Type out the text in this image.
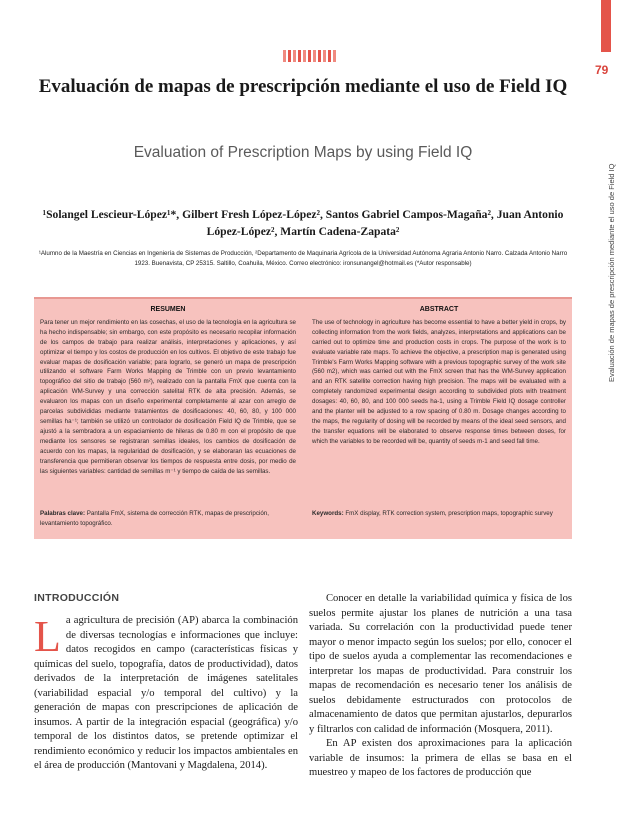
79
Evaluación de mapas de prescripción mediante el uso de Field IQ
Evaluación de mapas de prescripción mediante el uso de Field IQ
Evaluation of Prescription Maps by using Field IQ
¹Solangel Lescieur-López¹*, Gilbert Fresh López-López², Santos Gabriel Campos-Magaña², Juan Antonio López-López², Martín Cadena-Zapata²
¹Alumno de la Maestría en Ciencias en Ingeniería de Sistemas de Producción, ²Departamento de Maquinaria Agrícola de la Universidad Autónoma Agraria Antonio Narro. Calzada Antonio Narro 1923. Buenavista, CP 25315. Saltillo, Coahuila, México. Correo electrónico: ironsunangel@hotmail.es (*Autor responsable)
RESUMEN
Para tener un mejor rendimiento en las cosechas, el uso de la tecnología en la agricultura se ha hecho indispensable; sin embargo, con este propósito es necesario recopilar información de los campos de trabajo para realizar análisis, interpretaciones y aplicaciones, y así optimizar el tiempo y los costos de producción en los cultivos. El objetivo de este trabajo fue evaluar mapas de dosificación variable; para lograrlo, se generó un mapa de prescripción utilizando el software Farm Works Mapping de Trimble con un previo levantamiento topográfico del sitio de trabajo (560 m²), realizado con la pantalla FmX que cuenta con la aplicación WM-Survey y una corrección satelital RTK de alta precisión. Además, se evaluaron los mapas con un diseño experimental completamente al azar con arreglo de parcelas subdivididas mediante tratamientos de dosificaciones: 40, 60, 80, y 100 000 semillas ha⁻¹; también se utilizó un controlador de dosificación Field IQ de Trimble, que se ajustó a la sembradora a un espaciamiento de hileras de 0.80 m con el propósito de que mediante los sensores se registraran semillas ideales, los cambios de dosificación de acuerdo con los mapas, la regularidad de dosificación, y se elaboraran las ecuaciones de transferencia que permitieran observar los tiempos de respuesta entre dosis, por medio de las siguientes variables: cantidad de semillas m⁻¹ y tiempo de caída de las semillas.
ABSTRACT
The use of technology in agriculture has become essential to have a better yield in crops, by collecting information from the work fields, analyzes, interpretations and applications can be carried out to optimize time and production costs in crops. The purpose of the work is to evaluate variable rate maps. To achieve the objective, a prescription map is generated using Trimble's Farm Works Mapping software with a previous topographic survey of the work site (560 m2), which was carried out with the FmX screen that has the WM-Survey application and an RTK satellite correction having high precision. The maps will be evaluated with a completely randomized experimental design according to subdivided plots with treatment dosages: 40, 60, 80, and 100 000 seeds ha-1, using a Trimble Field IQ dosage controller and the planter will be adjusted to a row spacing of 0.80 m. Dosage changes according to the maps, the regularity of dosing will be recorded by means of the ideal seed sensors, and the transfer equations will be elaborated to observe response times between doses, for which the variables to be recorded will be, quantity of seeds m-1 and seed fall time.
Palabras clave: Pantalla FmX, sistema de corrección RTK, mapas de prescripción, levantamiento topográfico.
Keywords: FmX display, RTK correction system, prescription maps, topographic survey
INTRODUCCIÓN

La agricultura de precisión (AP) abarca la combinación de diversas tecnologías e informaciones que incluye: datos recogidos en campo (características físicas y químicas del suelo, topografía, datos de productividad), datos derivados de la interpretación de imágenes satelitales (variabilidad espacial y/o temporal del cultivo) y la generación de mapas con prescripciones de aplicación de insumos. A partir de la integración espacial (geográfica) y/o temporal de los distintos datos, se pretende optimizar el rendimiento económico y reducir los impactos ambientales en el área de producción (Mantovani y Magdalena, 2014).

Conocer en detalle la variabilidad química y física de los suelos permite ajustar los planes de nutrición a una tasa variada. Su correlación con la productividad puede tener mayor o menor impacto según los suelos; por ello, conocer el tipo de suelos ayuda a complementar las recomendaciones e interpretar los mapas de productividad. Para construir los mapas de recomendación es necesario tener los análisis de suelos debidamente estructurados con protocolos de almacenamiento de datos que permitan ajustarlos, depurarlos y filtrarlos con calidad de información (Mosquera, 2011).

En AP existen dos aproximaciones para la aplicación variable de insumos: la primera de ellas se basa en el muestreo y mapeo de los factores de producción que
